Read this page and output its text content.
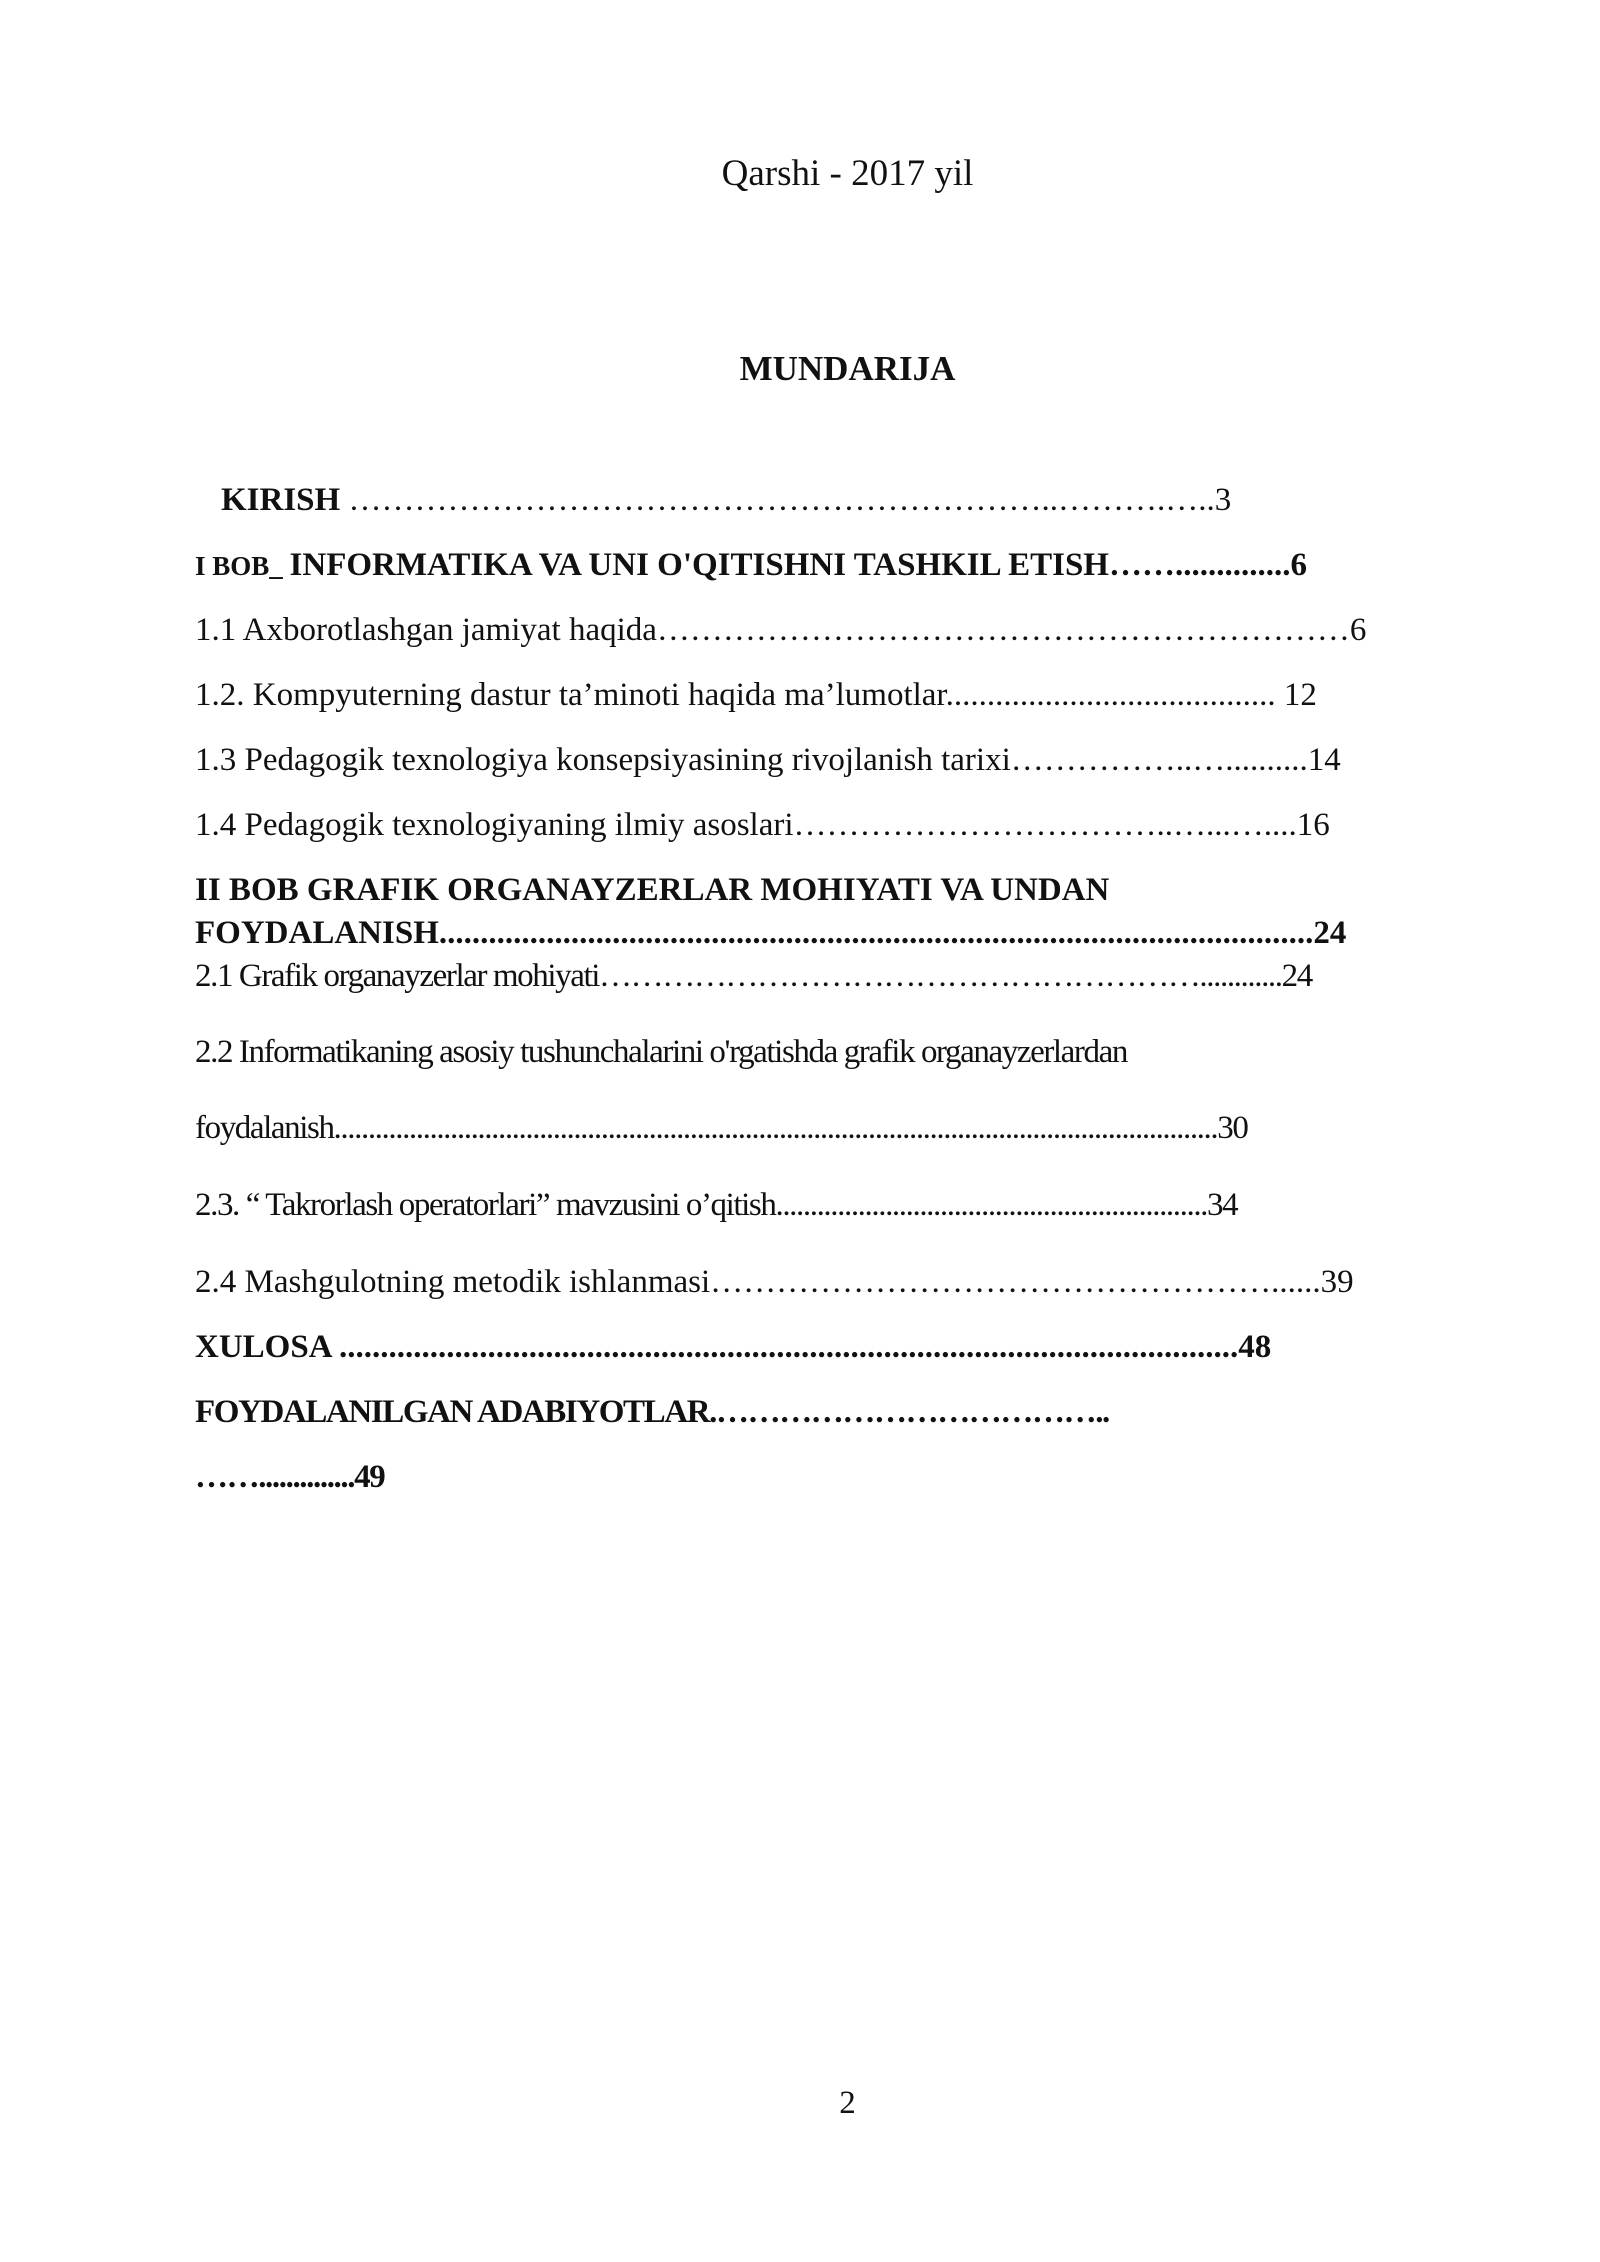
Qarshi - 2017 yil
MUNDARIJA
KIRISH ………………………………………………………..……….…..3
I BOB_ INFORMATIKA VA UNI O'QITISHNI TASHKIL ETISH……..............6
1.1 Axborotlashgan jamiyat haqida………………………………………………………6
1.2. Kompyuterning dastur ta’minoti haqida ma’lumotlar........................................ 12
1.3 Pedagogik texnologiya konsepsiyasining rivojlanish tarixi……………..…..........14
1.4 Pedagogik texnologiyaning ilmiy asoslari……………………………..…...…....16
II BOB GRAFIK ORGANAYZERLAR MOHIYATI VA UNDAN
FOYDALANISH..........................................................................................................24
2.1 Grafik organayzerlar mohiyati…………………………………………………............24
2.2 Informatikaning asosiy tushunchalarini o'rgatishda grafik organayzerlardan
foydalanish.................................................................................................................................30
2.3. “ Takrorlash operatorlari” mavzusini o’qitish...............................................................34
2.4 Mashgulotning metodik ishlanmasi……………………………………………......39
XULOSA .............................................................................................................48
FOYDALANILGAN ADABIYOTLAR.………………………………..
……..............49
2
